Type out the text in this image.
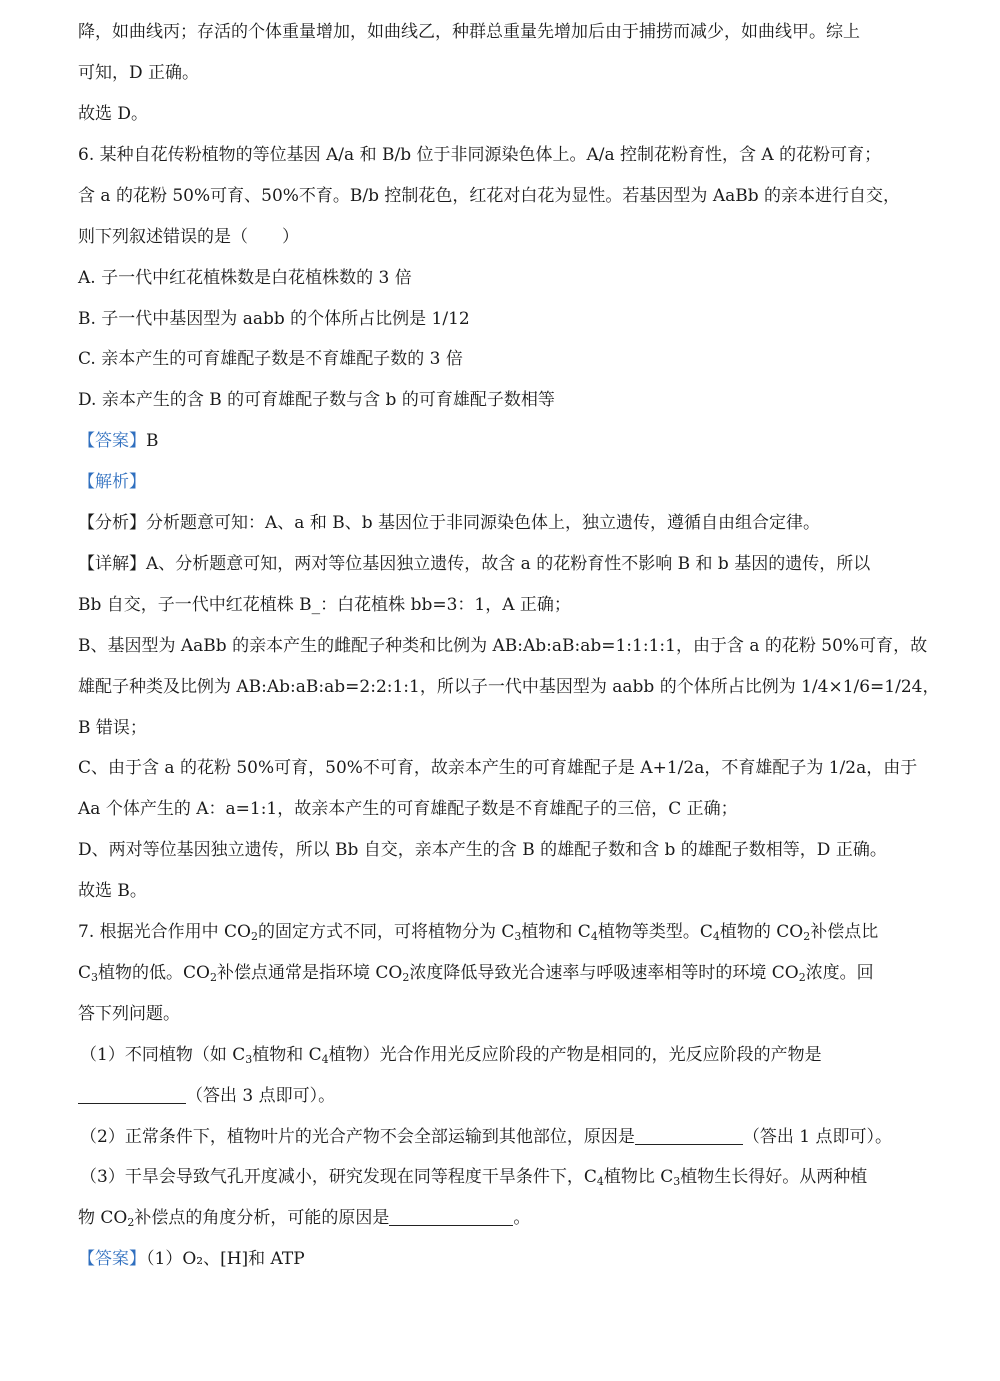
降，如曲线丙；存活的个体重量增加，如曲线乙，种群总重量先增加后由于捕捞而减少，如曲线甲。综上
可知，D 正确。
故选 D。
6. 某种自花传粉植物的等位基因 A/a 和 B/b 位于非同源染色体上。A/a 控制花粉育性，含 A 的花粉可育；
含 a 的花粉 50%可育、50%不育。B/b 控制花色，红花对白花为显性。若基因型为 AaBb 的亲本进行自交，
则下列叙述错误的是（　　）
A. 子一代中红花植株数是白花植株数的 3 倍
B. 子一代中基因型为 aabb 的个体所占比例是 1/12
C. 亲本产生的可育雄配子数是不育雄配子数的 3 倍
D. 亲本产生的含 B 的可育雄配子数与含 b 的可育雄配子数相等
【答案】B
【解析】
【分析】分析题意可知：A、a 和 B、b 基因位于非同源染色体上，独立遗传，遵循自由组合定律。
【详解】A、分析题意可知，两对等位基因独立遗传，故含 a 的花粉育性不影响 B 和 b 基因的遗传，所以
Bb 自交，子一代中红花植株 B_：白花植株 bb=3：1，A 正确；
B、基因型为 AaBb 的亲本产生的雌配子种类和比例为 AB:Ab:aB:ab=1:1:1:1，由于含 a 的花粉 50%可育，故
雄配子种类及比例为 AB:Ab:aB:ab=2:2:1:1，所以子一代中基因型为 aabb 的个体所占比例为 1/4×1/6=1/24，
B 错误；
C、由于含 a 的花粉 50%可育，50%不可育，故亲本产生的可育雄配子是 A+1/2a，不育雄配子为 1/2a，由于
Aa 个体产生的 A：a=1:1，故亲本产生的可育雄配子数是不育雄配子的三倍，C 正确；
D、两对等位基因独立遗传，所以 Bb 自交，亲本产生的含 B 的雄配子数和含 b 的雄配子数相等，D 正确。
故选 B。
7. 根据光合作用中 $CO_2$的固定方式不同，可将植物分为 $C_3$植物和 $C_4$植物等类型。$C_4$植物的 $CO_2$补偿点比
$C_3$植物的低。$CO_2$补偿点通常是指环境 $CO_2$浓度降低导致光合速率与呼吸速率相等时的环境 $CO_2$浓度。回
答下列问题。
（1）不同植物（如 $C_3$植物和 $C_4$植物）光合作用光反应阶段的产物是相同的，光反应阶段的产物是
（答出 3 点即可）。
（2）正常条件下，植物叶片的光合产物不会全部运输到其他部位，原因是	（答出 1 点即可）。
（3）干旱会导致气孔开度减小，研究发现在同等程度干旱条件下，$C_4$植物比 $C_3$植物生长得好。从两种植
物 $CO_2$补偿点的角度分析，可能的原因是	。
【答案】（1）O₂、[H]和 ATP
